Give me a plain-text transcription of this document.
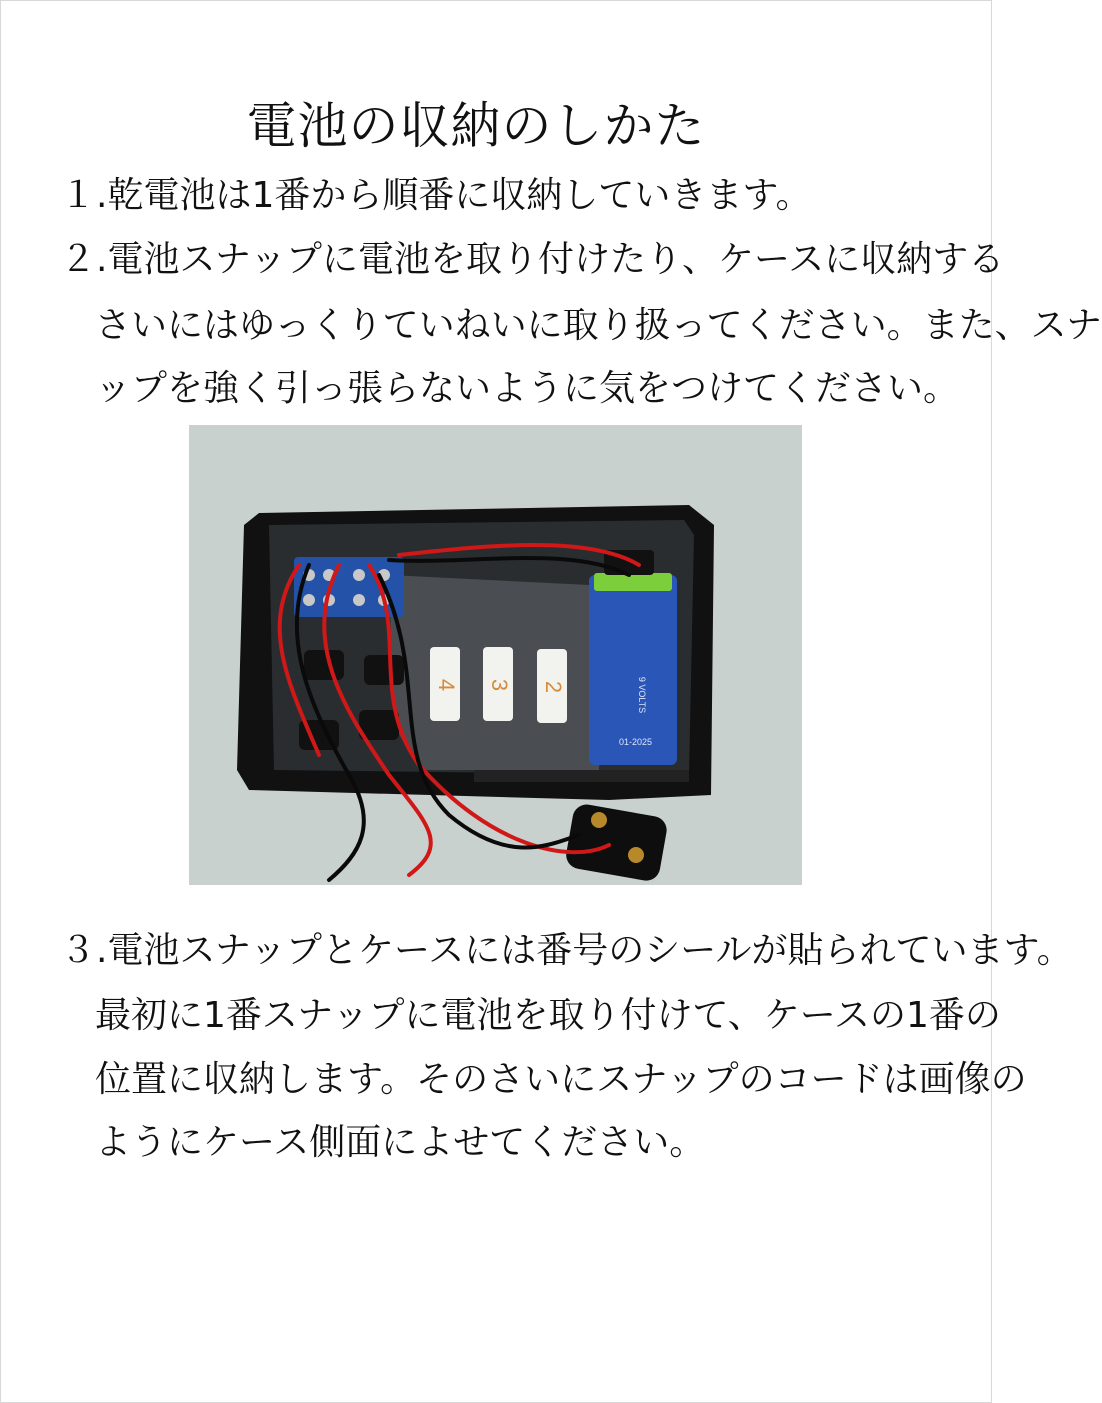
電池の収納のしかた
１.乾電池は1番から順番に収納していきます。
２.電池スナップに電池を取り付けたり、ケースに収納する
さいにはゆっくりていねいに取り扱ってください。また、スナ
ップを強く引っ張らないように気をつけてください。
4 3 2	9 VOLTS
01-2025
３.電池スナップとケースには番号のシールが貼られています。
最初に1番スナップに電池を取り付けて、ケースの1番の
位置に収納します。そのさいにスナップのコードは画像の
ようにケース側面によせてください。
